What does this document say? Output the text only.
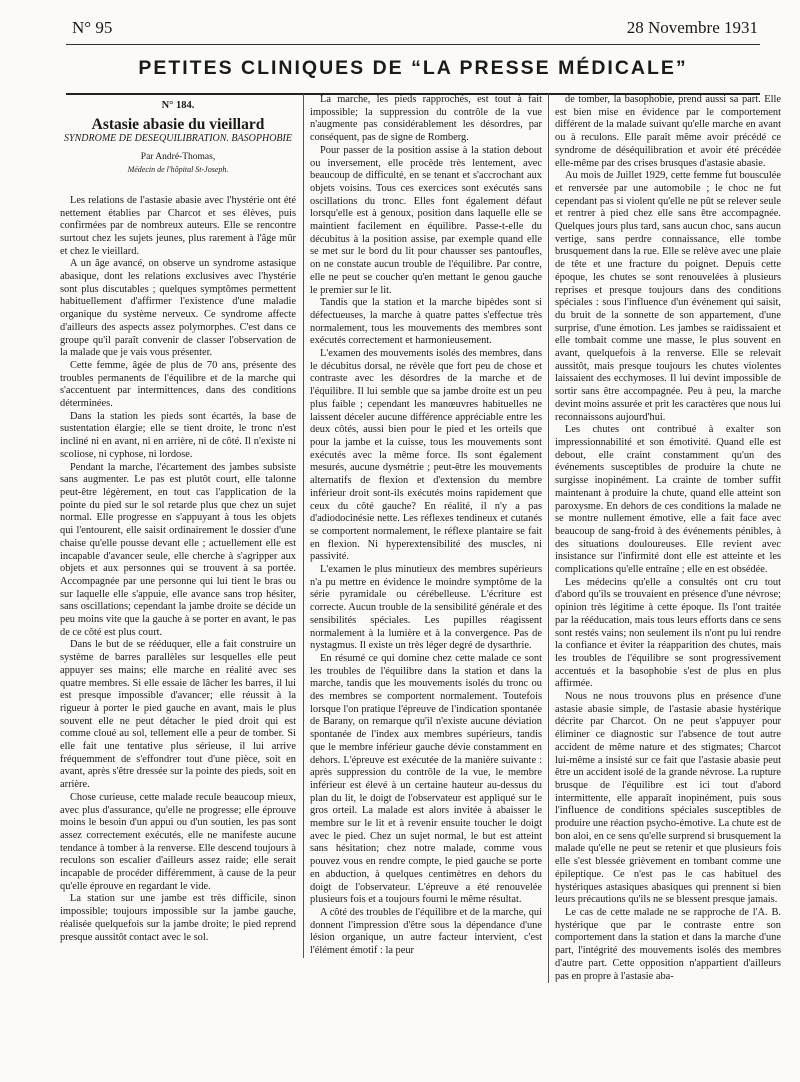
N° 95	28 Novembre 1931
PETITES CLINIQUES DE “LA PRESSE MÉDICALE”
N° 184.
Astasie abasie du vieillard
SYNDROME DE DESEQUILIBRATION. BASOPHOBIE
Par André-Thomas,
Médecin de l'hôpital St-Joseph.

Les relations de l'astasie abasie avec l'hystérie ont été nettement établies par Charcot et ses élèves, puis confirmées par de nombreux auteurs. Elle se rencontre surtout chez les sujets jeunes, plus rarement à l'âge mûr et chez le vieillard.

A un âge avancé, on observe un syndrome astasique abasique, dont les relations exclusives avec l'hystérie sont plus discutables ; quelques symptômes permettent habituellement d'affirmer l'existence d'une maladie organique du système nerveux. Ce syndrome affecte d'ailleurs des aspects assez polymorphes. C'est dans ce groupe qu'il paraît convenir de classer l'observation de la malade que je vais vous présenter.

Cette femme, âgée de plus de 70 ans, présente des troubles permanents de l'équilibre et de la marche qui s'accentuent par intermittences, dans des conditions déterminées.

Dans la station les pieds sont écartés, la base de sustentation élargie; elle se tient droite, le tronc n'est incliné ni en avant, ni en arrière, ni de côté. Il n'existe ni scoliose, ni cyphose, ni lordose.

Pendant la marche, l'écartement des jambes subsiste sans augmenter. Le pas est plutôt court, elle talonne peut-être légèrement, en tout cas l'application de la pointe du pied sur le sol retarde plus que chez un sujet normal. Elle progresse en s'appuyant à tous les objets qui l'entourent, elle saisit ordinairement le dossier d'une chaise qu'elle pousse devant elle ; actuellement elle est incapable d'avancer seule, elle cherche à s'agripper aux objets et aux personnes qui se trouvent à sa portée. Accompagnée par une personne qui lui tient le bras ou sur laquelle elle s'appuie, elle avance sans trop hésiter, sans oscillations; cependant la jambe droite se décide un peu moins vite que la gauche à se porter en avant, le pas de ce côté est plus court.

Dans le but de se rééduquer, elle a fait construire un système de barres parallèles sur lesquelles elle peut appuyer ses mains; elle marche en réalité avec ses quatre membres. Si elle essaie de lâcher les barres, il lui est presque impossible d'avancer; elle réussit à la rigueur à porter le pied gauche en avant, mais le plus souvent elle ne peut détacher le pied droit qui est comme cloué au sol, tellement elle a peur de tomber. Si elle fait une tentative plus sérieuse, il lui arrive fréquemment de s'effondrer tout d'une pièce, soit en avant, après s'être dressée sur la pointe des pieds, soit en arrière.

Chose curieuse, cette malade recule beaucoup mieux, avec plus d'assurance, qu'elle ne progresse; elle éprouve moins le besoin d'un appui ou d'un soutien, les pas sont assez correctement exécutés, elle ne manifeste aucune tendance à tomber à la renverse. Elle descend toujours à reculons son escalier d'ailleurs assez raide; elle serait incapable de procéder différemment, à cause de la peur qu'elle éprouve en regardant le vide.

La station sur une jambe est très difficile, sinon impossible; toujours impossible sur la jambe gauche, réalisée quelquefois sur la jambe droite; le pied reprend presque aussitôt contact avec le sol.

La marche, les pieds rapprochés, est tout à fait impossible; la suppression du contrôle de la vue n'augmente pas considérablement les désordres, par conséquent, pas de signe de Romberg.

Pour passer de la position assise à la station debout ou inversement, elle procède très lentement, avec beaucoup de difficulté, en se tenant et s'accrochant aux objets voisins. Tous ces exercices sont exécutés sans oscillations du tronc. Elles font également défaut lorsqu'elle est à genoux, position dans laquelle elle se maintient facilement en équilibre. Passe-t-elle du décubitus à la position assise, par exemple quand elle se met sur le bord du lit pour chausser ses pantoufles, on ne constate aucun trouble de l'équilibre. Par contre, elle ne peut se coucher qu'en mettant le genou gauche le premier sur le lit.

Tandis que la station et la marche bipèdes sont si défectueuses, la marche à quatre pattes s'effectue très normalement, tous les mouvements des membres sont exécutés correctement et harmonieusement.

L'examen des mouvements isolés des membres, dans le décubitus dorsal, ne révèle que fort peu de chose et contraste avec les désordres de la marche et de l'équilibre. Il lui semble que sa jambe droite est un peu plus faible ; cependant les manœuvres habituelles ne laissent déceler aucune différence appréciable entre les deux côtés, aussi bien pour le pied et les orteils que pour la jambe et la cuisse, tous les mouvements sont exécutés avec la même force. Ils sont également mesurés, aucune dysmétrie ; peut-être les mouvements alternatifs de flexion et d'extension du membre inférieur droit sont-ils exécutés moins rapidement que ceux du côté gauche? En réalité, il n'y a pas d'adiodocinésie nette. Les réflexes tendineux et cutanés se comportent normalement, le réflexe plantaire se fait en flexion. Ni hyperextensibilité des muscles, ni passivité.

L'examen le plus minutieux des membres supérieurs n'a pu mettre en évidence le moindre symptôme de la série pyramidale ou cérébelleuse. L'écriture est correcte. Aucun trouble de la sensibilité générale et des sensibilités spéciales. Les pupilles réagissent normalement à la lumière et à la convergence. Pas de nystagmus. Il existe un très léger degré de dysarthrie.

En résumé ce qui domine chez cette malade ce sont les troubles de l'équilibre dans la station et dans la marche, tandis que les mouvements isolés du tronc ou des membres se comportent normalement. Toutefois lorsque l'on pratique l'épreuve de l'indication spontanée de Barany, on remarque qu'il n'existe aucune déviation spontanée de l'index aux membres supérieurs, tandis que le membre inférieur gauche dévie constamment en dehors. L'épreuve est exécutée de la manière suivante : après suppression du contrôle de la vue, le membre inférieur est élevé à un certaine hauteur au-dessus du plan du lit, le doigt de l'observateur est appliqué sur le gros orteil. La malade est alors invitée à abaisser le membre sur le lit et à revenir ensuite toucher le doigt avec le pied. Chez un sujet normal, le but est atteint sans hésitation; chez notre malade, comme vous pouvez vous en rendre compte, le pied gauche se porte en abduction, à quelques centimètres en dehors du doigt de l'observateur. L'épreuve a été renouvelée plusieurs fois et a toujours fourni le même résultat.

A côté des troubles de l'équilibre et de la marche, qui donnent l'impression d'être sous la dépendance d'une lésion organique, un autre facteur intervient, c'est l'élément émotif : la peur

de tomber, la basophobie, prend aussi sa part. Elle est bien mise en évidence par le comportement différent de la malade suivant qu'elle marche en avant ou à reculons. Elle paraît même avoir précédé ce syndrome de déséquilibration et avoir été précédée elle-même par des crises brusques d'astasie abasie.

Au mois de Juillet 1929, cette femme fut bousculée et renversée par une automobile ; le choc ne fut cependant pas si violent qu'elle ne pût se relever seule et rentrer à pied chez elle sans être accompagnée. Quelques jours plus tard, sans aucun choc, sans aucun vertige, sans perdre connaissance, elle tombe brusquement dans la rue. Elle se relève avec une plaie de tête et une fracture du poignet. Depuis cette époque, les chutes se sont renouvelées à plusieurs reprises et presque toujours dans des conditions spéciales : sous l'influence d'un événement qui saisit, du bruit de la sonnette de son appartement, d'une surprise, d'une émotion. Les jambes se raidissaient et elle tombait comme une masse, le plus souvent en avant, quelquefois à la renverse. Elle se relevait aussitôt, mais presque toujours les chutes violentes laissaient des ecchymoses. Il lui devint impossible de sortir sans être accompagnée. Peu à peu, la marche devint moins assurée et prit les caractères que nous lui reconnaissons aujourd'hui.

Les chutes ont contribué à exalter son impressionnabilité et son émotivité. Quand elle est debout, elle craint constamment qu'un des événements susceptibles de produire la chute ne surgisse inopinément. La crainte de tomber suffit maintenant à produire la chute, quand elle atteint son paroxysme. En dehors de ces conditions la malade ne se montre nullement émotive, elle a fait face avec beaucoup de sang-froid à des événements pénibles, à des situations douloureuses. Elle revient avec insistance sur l'infirmité dont elle est atteinte et les complications qu'elle entraîne ; elle en est obsédée.

Les médecins qu'elle a consultés ont cru tout d'abord qu'ils se trouvaient en présence d'une névrose; opinion très légitime à cette époque. Ils l'ont traitée par la rééducation, mais tous leurs efforts dans ce sens sont restés vains; non seulement ils n'ont pu lui rendre la confiance et éviter la réapparition des chutes, mais les troubles de l'équilibre se sont progressivement accentués et la basophobie s'est de plus en plus affirmée.

Nous ne nous trouvons plus en présence d'une astasie abasie simple, de l'astasie abasie hystérique décrite par Charcot. On ne peut s'appuyer pour éliminer ce diagnostic sur l'absence de tout autre accident de même nature et des stigmates; Charcot lui-même a insisté sur ce fait que l'astasie abasie peut être un accident isolé de la grande névrose. La rupture brusque de l'équilibre est ici tout d'abord intermittente, elle apparaît inopinément, puis sous l'influence de conditions spéciales susceptibles de produire une réaction psycho-émotive. La chute est de bon aloi, en ce sens qu'elle surprend si brusquement la malade qu'elle ne peut se retenir et que plusieurs fois elle s'est blessée grièvement en tombant comme une épileptique. Ce n'est pas le cas habituel des hystériques astasiques abasiques qui prennent si bien leurs précautions qu'ils ne se blessent presque jamais.

Le cas de cette malade ne se rapproche de l'A. B. hystérique que par le contraste entre son comportement dans la station et dans la marche d'une part, l'intégrité des mouvements isolés des membres d'autre part. Cette opposition n'appartient d'ailleurs pas en propre à l'astasie aba-
